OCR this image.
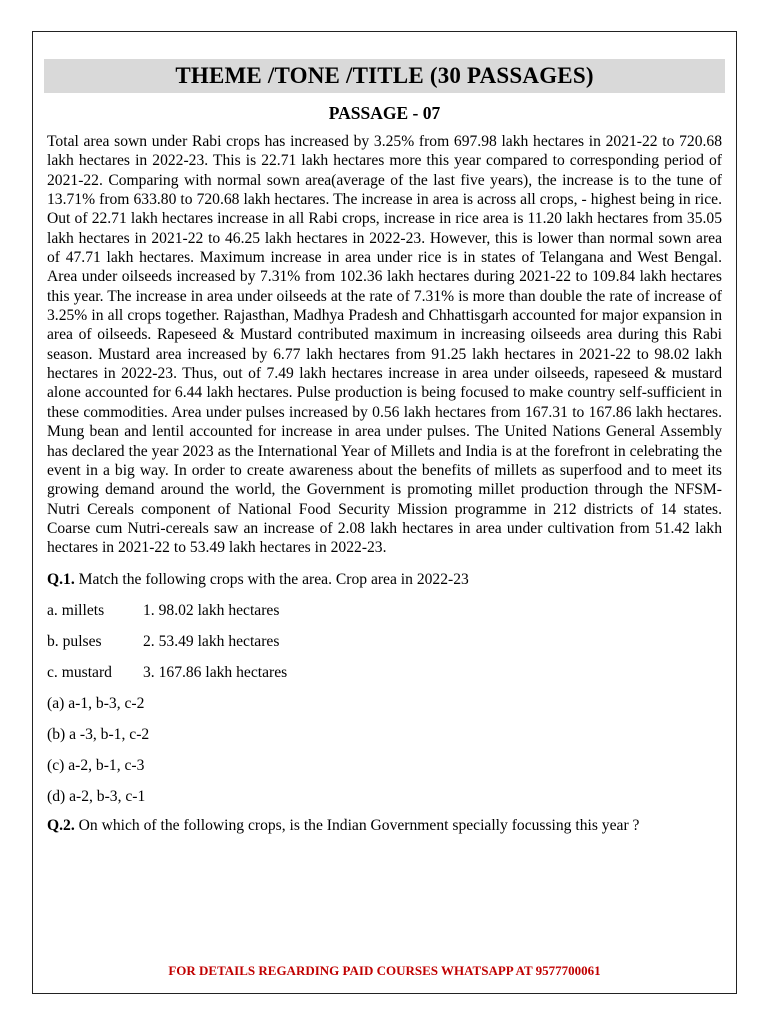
THEME /TONE /TITLE (30 PASSAGES)
PASSAGE - 07

Total area sown under Rabi crops has increased by 3.25% from 697.98 lakh hectares in 2021-22 to 720.68 lakh hectares in 2022-23. This is 22.71 lakh hectares more this year compared to corresponding period of 2021-22. Comparing with normal sown area(average of the last five years), the increase is to the tune of 13.71% from 633.80 to 720.68 lakh hectares. The increase in area is across all crops, - highest being in rice. Out of 22.71 lakh hectares increase in all Rabi crops, increase in rice area is 11.20 lakh hectares from 35.05 lakh hectares in 2021-22 to 46.25 lakh hectares in 2022-23. However, this is lower than normal sown area of 47.71 lakh hectares. Maximum increase in area under rice is in states of Telangana and West Bengal. Area under oilseeds increased by 7.31% from 102.36 lakh hectares during 2021-22 to 109.84 lakh hectares this year. The increase in area under oilseeds at the rate of 7.31% is more than double the rate of increase of 3.25% in all crops together. Rajasthan, Madhya Pradesh and Chhattisgarh accounted for major expansion in area of oilseeds. Rapeseed & Mustard contributed maximum in increasing oilseeds area during this Rabi season. Mustard area increased by 6.77 lakh hectares from 91.25 lakh hectares in 2021-22 to 98.02 lakh hectares in 2022-23. Thus, out of 7.49 lakh hectares increase in area under oilseeds, rapeseed & mustard alone accounted for 6.44 lakh hectares. Pulse production is being focused to make country self-sufficient in these commodities. Area under pulses increased by 0.56 lakh hectares from 167.31 to 167.86 lakh hectares. Mung bean and lentil accounted for increase in area under pulses. The United Nations General Assembly has declared the year 2023 as the International Year of Millets and India is at the forefront in celebrating the event in a big way. In order to create awareness about the benefits of millets as superfood and to meet its growing demand around the world, the Government is promoting millet production through the NFSM-Nutri Cereals component of National Food Security Mission programme in 212 districts of 14 states. Coarse cum Nutri-cereals saw an increase of 2.08 lakh hectares in area under cultivation from 51.42 lakh hectares in 2021-22 to 53.49 lakh hectares in 2022-23.

Q.1. Match the following crops with the area. Crop area in 2022-23

a. millets 1. 98.02 lakh hectares

b. pulses	2. 53.49 lakh hectares

c. mustard 3. 167.86 lakh hectares

(a) a-1, b-3, c-2

(b) a -3, b-1, c-2

(c) a-2, b-1, c-3

(d) a-2, b-3, c-1

Q.2. On which of the following crops, is the Indian Government specially focussing this year ?

FOR DETAILS REGARDING PAID COURSES WHATSAPP AT 9577700061
